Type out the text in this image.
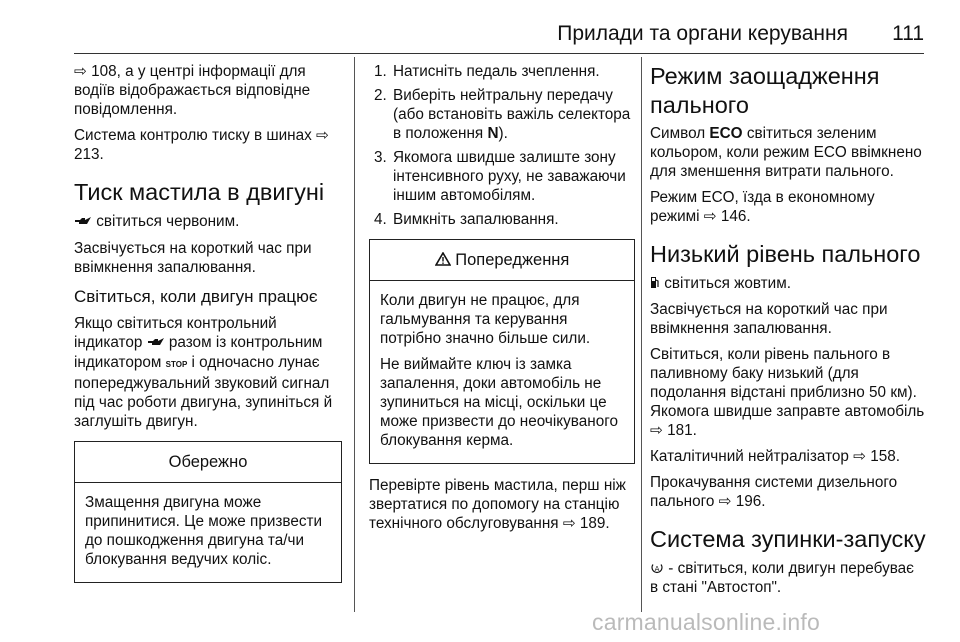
Прилади та органи керування 111

⇨ 108, а у центрі інформації для водіїв відображається відповідне повідомлення.

Система контролю тиску в шинах ⇨ 213.

Тиск мастила в двигуні

світиться червоним.

Засвічується на короткий час при ввімкнення запалювання.

Світиться, коли двигун працює

Якщо світиться контрольний індикатор разом із контрольним індикатором STOP і одночасно лунає попереджувальний звуковий сигнал під час роботи двигуна, зупиніться й заглушіть двигун.

Обережно

Змащення двигуна може припинитися. Це може призвести до пошкодження двигуна та/чи блокування ведучих коліс.

1. Натисніть педаль зчеплення.
2. Виберіть нейтральну передачу (або встановіть важіль селектора в положення N).
3. Якомога швидше залиште зону інтенсивного руху, не заважаючи іншим автомобілям.
4. Вимкніть запалювання.
Попередження

Коли двигун не працює, для гальмування та керування потрібно значно більше сили.

Не виймайте ключ із замка запалення, доки автомобіль не зупиниться на місці, оскільки це може призвести до неочікуваного блокування керма.

Перевірте рівень мастила, перш ніж звертатися по допомогу на станцію технічного обслуговування ⇨ 189.

Режим заощадження пального

Символ ECO світиться зеленим кольором, коли режим ECO ввімкнено для зменшення витрати пального.

Режим ECO, їзда в економному режимі ⇨ 146.

Низький рівень пального

світиться жовтим.

Засвічується на короткий час при ввімкнення запалювання.

Світиться, коли рівень пального в паливному баку низький (для подолання відстані приблизно 50 км). Якомога швидше заправте автомобіль ⇨ 181.

Каталітичний нейтралізатор ⇨ 158.

Прокачування системи дизельного пального ⇨ 196.

Система зупинки-запуску

A - світиться, коли двигун перебуває в стані "Автостоп".

carmanualsonline.info
